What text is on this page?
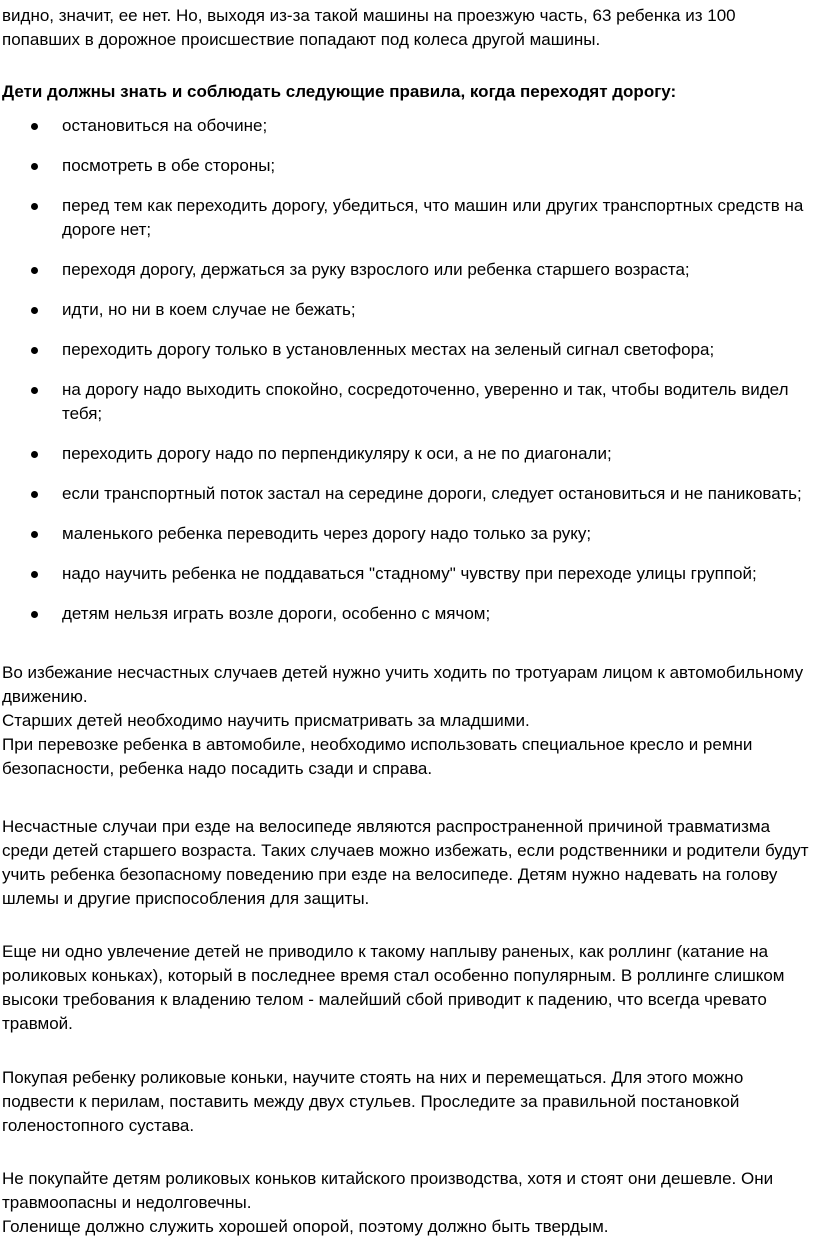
видно, значит, ее нет. Но, выходя из-за такой машины на проезжую часть, 63 ребенка из 100 попавших в дорожное происшествие попадают под колеса другой машины.

Дети должны знать и соблюдать следующие правила, когда переходят дорогу:

остановиться на обочине;
посмотреть в обе стороны;
перед тем как переходить дорогу, убедиться, что машин или других транспортных средств на дороге нет;
переходя дорогу, держаться за руку взрослого или ребенка старшего возраста;
идти, но ни в коем случае не бежать;
переходить дорогу только в установленных местах на зеленый сигнал светофора;
на дорогу надо выходить спокойно, сосредоточенно, уверенно и так, чтобы водитель видел тебя;
переходить дорогу надо по перпендикуляру к оси, а не по диагонали;
если транспортный поток застал на середине дороги, следует остановиться и не паниковать;
маленького ребенка переводить через дорогу надо только за руку;
надо научить ребенка не поддаваться "стадному" чувству при переходе улицы группой;
детям нельзя играть возле дороги, особенно с мячом;
Во избежание несчастных случаев детей нужно учить ходить по тротуарам лицом к автомобильному движению.
Старших детей необходимо научить присматривать за младшими.
При перевозке ребенка в автомобиле, необходимо использовать специальное кресло и ремни безопасности, ребенка надо посадить сзади и справа.

Несчастные случаи при езде на велосипеде являются распространенной причиной травматизма среди детей старшего возраста. Таких случаев можно избежать, если родственники и родители будут учить ребенка безопасному поведению при езде на велосипеде. Детям нужно надевать на голову шлемы и другие приспособления для защиты.

Еще ни одно увлечение детей не приводило к такому наплыву раненых, как роллинг (катание на роликовых коньках), который в последнее время стал особенно популярным. В роллинге слишком высоки требования к владению телом - малейший сбой приводит к падению, что всегда чревато травмой.

Покупая ребенку роликовые коньки, научите стоять на них и перемещаться. Для этого можно подвести к перилам, поставить между двух стульев. Проследите за правильной постановкой голеностопного сустава.

Не покупайте детям роликовых коньков китайского производства, хотя и стоят они дешевле. Они травмоопасны и недолговечны.
Голенище должно служить хорошей опорой, поэтому должно быть твердым.
